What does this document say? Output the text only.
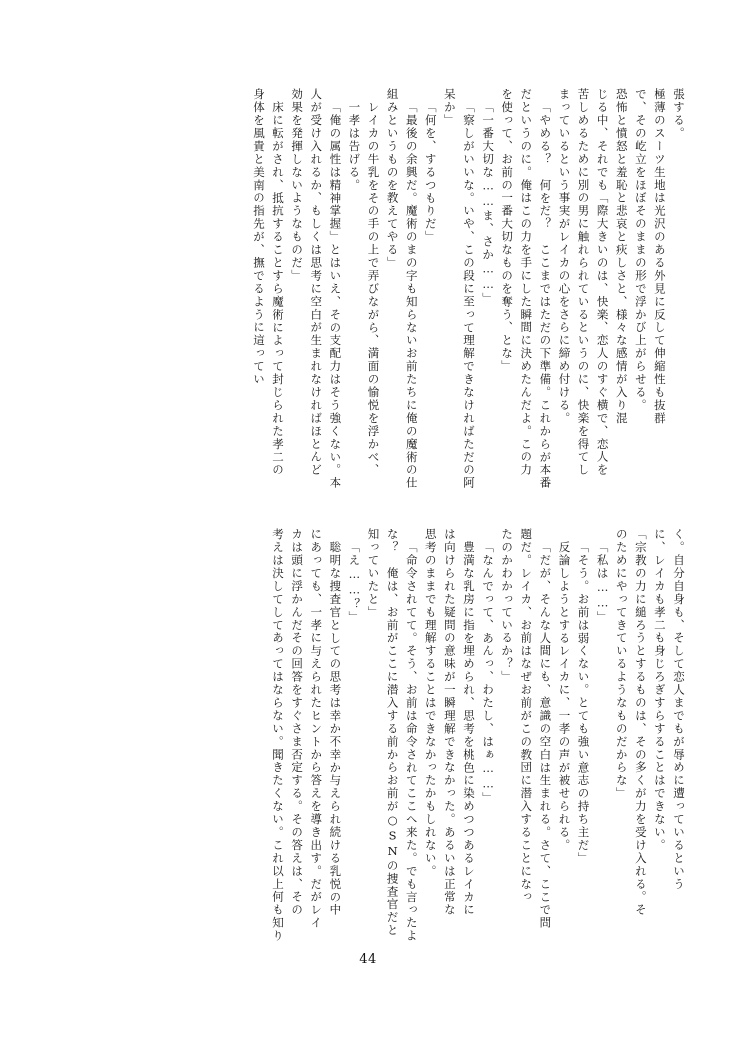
張する。
極薄のスーツ生地は光沢のある外見に反して伸縮性も抜群
で、その屹立をほぼそのままの形で浮かび上がらせる。
恐怖と憤怒と羞恥と悲哀と疢しさと、様々な感情が入り混
じる中、それでも「際大きいのは、快楽、恋人のすぐ横で、恋人を
苦しめるために別の男に触れられているというのに、快楽を得てし
まっているという事実がレイカの心をさらに締め付ける。
「やめる？　何をだ？　ここまではただの下準備。これからが本番
だというのに。俺はこの力を手にした瞬間に決めたんだよ。この力
を使って、お前の一番大切なものを奪う、とな」
「一番大切な……ま、さか……」
「察しがいいな。いや、この段に至って理解できなければただの阿
呆か」
「何を、するつもりだ」
「最後の余興だ。魔術のまの字も知らないお前たちに俺の魔術の仕
組みというものを教えてやる」
レイカの牛乳をその手の上で弄びながら、満面の愉悦を浮かべ、
一孝は告げる。
「俺の属性は精神掌握」とはいえ、その支配力はそう強くない。本
人が受け入れるか、もしくは思考に空白が生まれなければほとんど
効果を発揮しないようなものだ」
床に転がされ、抵抗することすら魔術によって封じられた孝二の
身体を風貴と美南の指先が、撫でるように這ってい
く。自分自身も、そして恋人までもが辱めに遭っているという
に、レイカも孝二も身じろぎすらすることはできない。
「宗教の力に縋ろうとするものは、その多くが力を受け入れる。そ
のためにやってきているようなものだからな」
「私は……」
「そう。お前は弱くない。とても強い意志の持ち主だ」
反論しようとするレイカに、一孝の声が被せられる。
「だが、そんな人間にも、意識の空白は生まれる。さて、ここで問
題だ。レイカ、お前はなぜお前がこの教団に潜入することになっ
たのかわかっているか？」
「なんでって、あんっ、わたし、はぁ……」
豊満な乳房に指を埋められ、思考を桃色に染めつつあるレイカに
は向けられた疑問の意味が一瞬理解できなかった。あるいは正常な
思考のままでも理解することはできなかったかもしれない。
「命令されてて。そう、お前は命令されてここへ来た。でも言ったよ
な？　俺は、お前がここに潜入する前からお前が○SNの捜査官だと
知っていたと」
「え……？」
聡明な捜査官としての思考は幸か不幸か与えられ続ける乳悦の中
にあっても、一孝に与えられたヒントから答えを導き出す。だがレイ
カは頭に浮かんだその回答をすぐさま否定する。その答えは、その
考えは決してしてあってはならない。聞きたくない。これ以上何も知り
44
